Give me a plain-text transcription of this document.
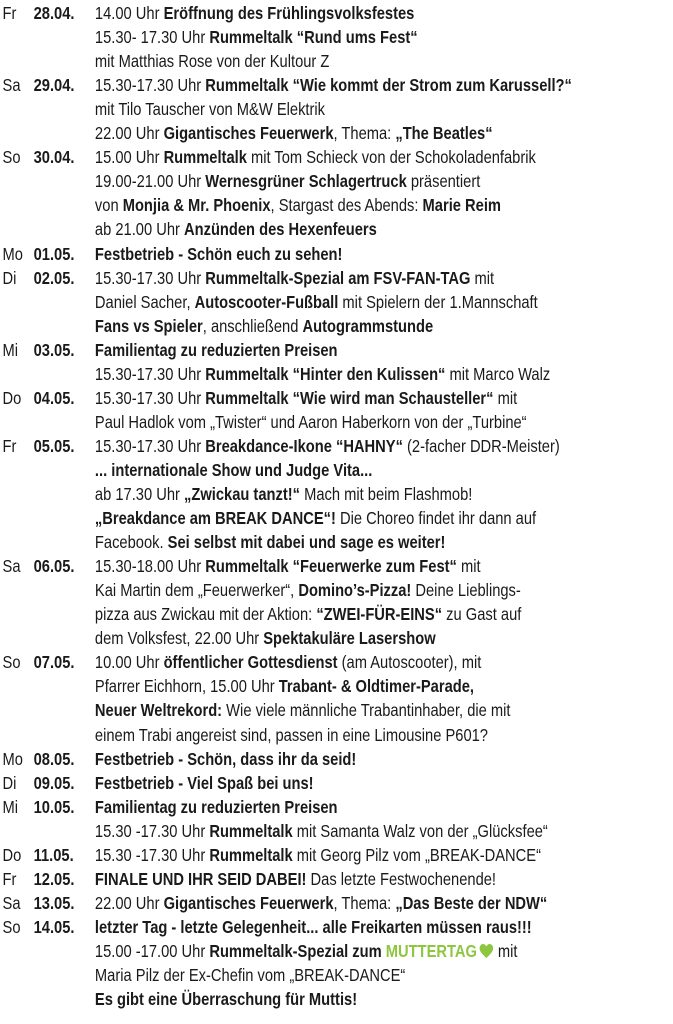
Fr 28.04. 14.00 Uhr Eröffnung des Frühlingsvolksfestes
15.30- 17.30 Uhr Rummeltalk “Rund ums Fest“
mit Matthias Rose von der Kultour Z
Sa 29.04. 15.30-17.30 Uhr Rummeltalk “Wie kommt der Strom zum Karussell?“
mit Tilo Tauscher von M&W Elektrik
22.00 Uhr Gigantisches Feuerwerk, Thema: „The Beatles“
So 30.04. 15.00 Uhr Rummeltalk mit Tom Schieck von der Schokoladenfabrik
19.00-21.00 Uhr Wernesgrüner Schlagertruck präsentiert
von Monjia & Mr. Phoenix, Stargast des Abends: Marie Reim
ab 21.00 Uhr Anzünden des Hexenfeuers
Mo 01.05. Festbetrieb - Schön euch zu sehen!
Di 02.05. 15.30-17.30 Uhr Rummeltalk-Spezial am FSV-FAN-TAG mit
Daniel Sacher, Autoscooter-Fußball mit Spielern der 1.Mannschaft
Fans vs Spieler, anschließend Autogrammstunde
Mi 03.05. Familientag zu reduzierten Preisen
15.30-17.30 Uhr Rummeltalk “Hinter den Kulissen“ mit Marco Walz
Do 04.05. 15.30-17.30 Uhr Rummeltalk “Wie wird man Schausteller“ mit
Paul Hadlok vom „Twister“ und Aaron Haberkorn von der „Turbine“
Fr 05.05. 15.30-17.30 Uhr Breakdance-Ikone “HAHNY“ (2-facher DDR-Meister)
... internationale Show und Judge Vita...
ab 17.30 Uhr „Zwickau tanzt!“ Mach mit beim Flashmob!
„Breakdance am BREAK DANCE“! Die Choreo findet ihr dann auf
Facebook. Sei selbst mit dabei und sage es weiter!
Sa 06.05. 15.30-18.00 Uhr Rummeltalk “Feuerwerke zum Fest“ mit
Kai Martin dem „Feuerwerker“, Domino’s-Pizza! Deine Lieblings-
pizza aus Zwickau mit der Aktion: “ZWEI-FÜR-EINS“ zu Gast auf
dem Volksfest, 22.00 Uhr Spektakuläre Lasershow
So 07.05. 10.00 Uhr öffentlicher Gottesdienst (am Autoscooter), mit
Pfarrer Eichhorn, 15.00 Uhr Trabant- & Oldtimer-Parade,
Neuer Weltrekord: Wie viele männliche Trabantinhaber, die mit
einem Trabi angereist sind, passen in eine Limousine P601?
Mo 08.05. Festbetrieb - Schön, dass ihr da seid!
Di 09.05. Festbetrieb - Viel Spaß bei uns!
Mi 10.05. Familientag zu reduzierten Preisen
15.30 -17.30 Uhr Rummeltalk mit Samanta Walz von der „Glücksfee“
Do 11.05. 15.30 -17.30 Uhr Rummeltalk mit Georg Pilz vom „BREAK-DANCE“
Fr 12.05. FINALE UND IHR SEID DABEI! Das letzte Festwochenende!
Sa 13.05. 22.00 Uhr Gigantisches Feuerwerk, Thema: „Das Beste der NDW“
So 14.05. letzter Tag - letzte Gelegenheit... alle Freikarten müssen raus!!!
15.00 -17.00 Uhr Rummeltalk-Spezial zum MUTTERTAG mit
Maria Pilz der Ex-Chefin vom „BREAK-DANCE“
Es gibt eine Überraschung für Muttis!
